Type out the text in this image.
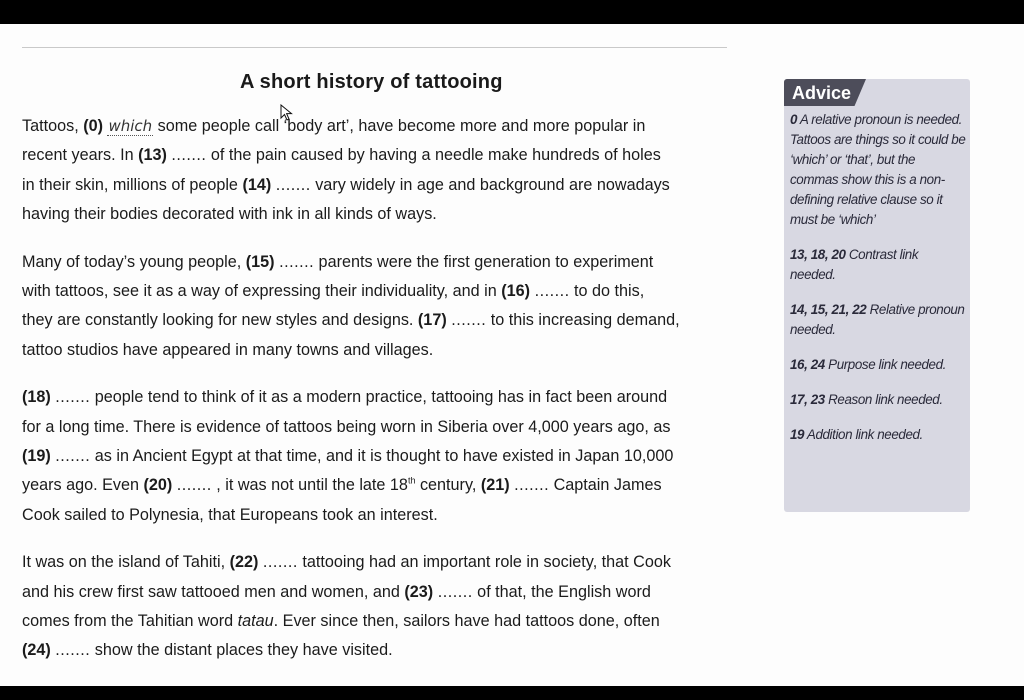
A short history of tattooing
Tattoos, (0) which some people call ‘body art’, have become more and more popular in
recent years. In (13) ....... of the pain caused by having a needle make hundreds of holes
in their skin, millions of people (14) ....... vary widely in age and background are nowadays
having their bodies decorated with ink in all kinds of ways.
Many of today’s young people, (15) ....... parents were the first generation to experiment
with tattoos, see it as a way of expressing their individuality, and in (16) ....... to do this,
they are constantly looking for new styles and designs. (17) ....... to this increasing demand,
tattoo studios have appeared in many towns and villages.
(18) ....... people tend to think of it as a modern practice, tattooing has in fact been around
for a long time. There is evidence of tattoos being worn in Siberia over 4,000 years ago, as
(19) ....... as in Ancient Egypt at that time, and it is thought to have existed in Japan 10,000
years ago. Even (20) ....... , it was not until the late 18th century, (21) ....... Captain James
Cook sailed to Polynesia, that Europeans took an interest.
It was on the island of Tahiti, (22) ....... tattooing had an important role in society, that Cook
and his crew first saw tattooed men and women, and (23) ....... of that, the English word
comes from the Tahitian word tatau. Ever since then, sailors have had tattoos done, often
(24) ....... show the distant places they have visited.
Advice
0 A relative pronoun is needed. Tattoos are things so it could be ‘which’ or ‘that’, but the commas show this is a non-defining relative clause so it must be ‘which’
13, 18, 20 Contrast link needed.
14, 15, 21, 22 Relative pronoun needed.
16, 24 Purpose link needed.
17, 23 Reason link needed.
19 Addition link needed.
